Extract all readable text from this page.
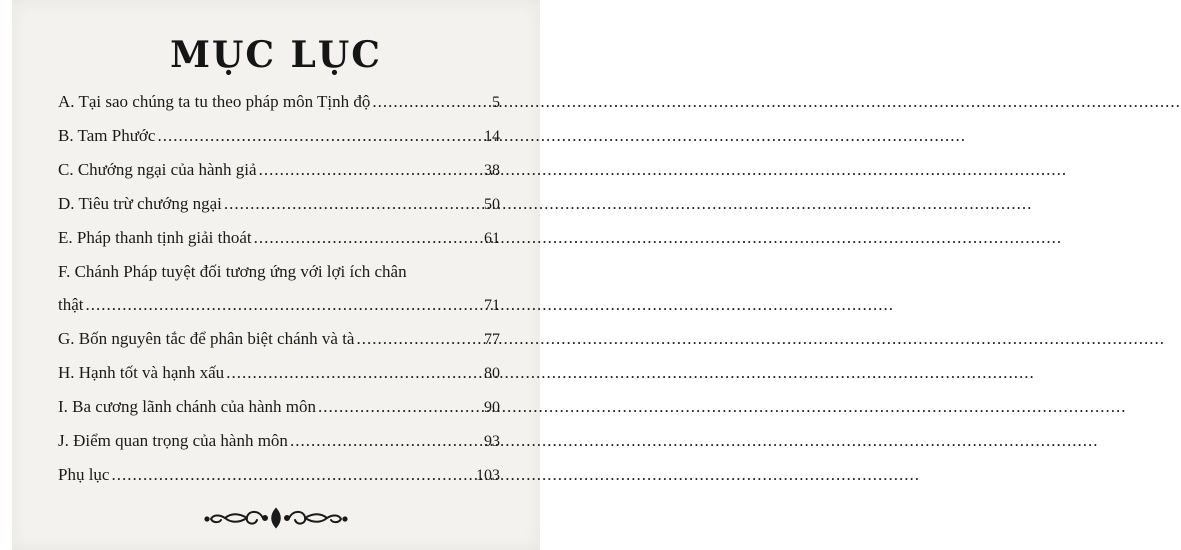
MỤC LỤC
A. Tại sao chúng ta tu theo pháp môn Tịnh độ .....	5
B. Tam Phước .....	14
C. Chướng ngại của hành giả .....	38
D. Tiêu trừ chướng ngại .....	50
E. Pháp thanh tịnh giải thoát .....	61
F. Chánh Pháp tuyệt đối tương ứng với lợi ích chân
thật .....	71
G. Bốn nguyên tắc để phân biệt chánh và tà .....	77
H. Hạnh tốt và hạnh xấu .....	80
I. Ba cương lãnh chánh của hành môn .....	90
J. Điểm quan trọng của hành môn .....	93
Phụ lục .....	103
